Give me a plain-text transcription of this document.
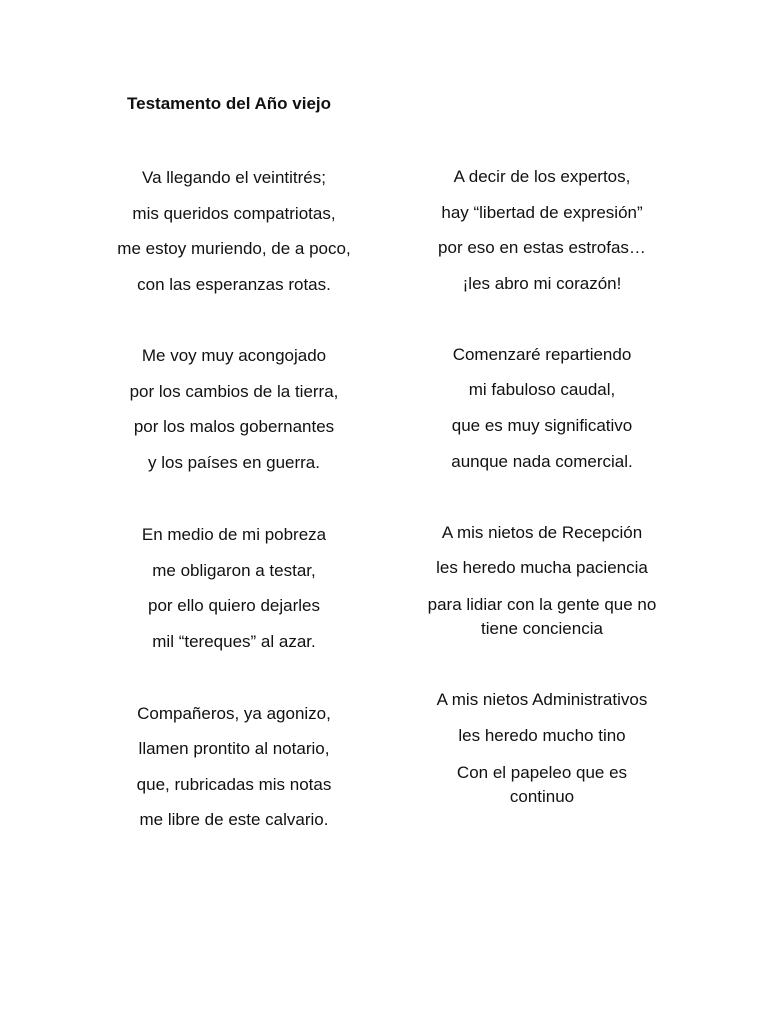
Testamento del Año viejo
Va llegando el veintitrés;
mis queridos compatriotas,
me estoy muriendo, de a poco,
con las esperanzas rotas.
Me voy muy acongojado
por los cambios de la tierra,
por los malos gobernantes
y los países en guerra.
En medio de mi pobreza
me obligaron a testar,
por ello quiero dejarles
mil “tereques” al azar.
Compañeros, ya agonizo,
llamen prontito al notario,
que, rubricadas mis notas
me libre de este calvario.
A decir de los expertos,
hay “libertad de expresión”
por eso en estas estrofas…
¡les abro mi corazón!
Comenzaré repartiendo
mi fabuloso caudal,
que es muy significativo
aunque nada comercial.
A mis nietos de Recepción
les heredo mucha paciencia
para lidiar con la gente que no
tiene conciencia
A mis nietos Administrativos
les heredo mucho tino
Con el papeleo que es
continuo
